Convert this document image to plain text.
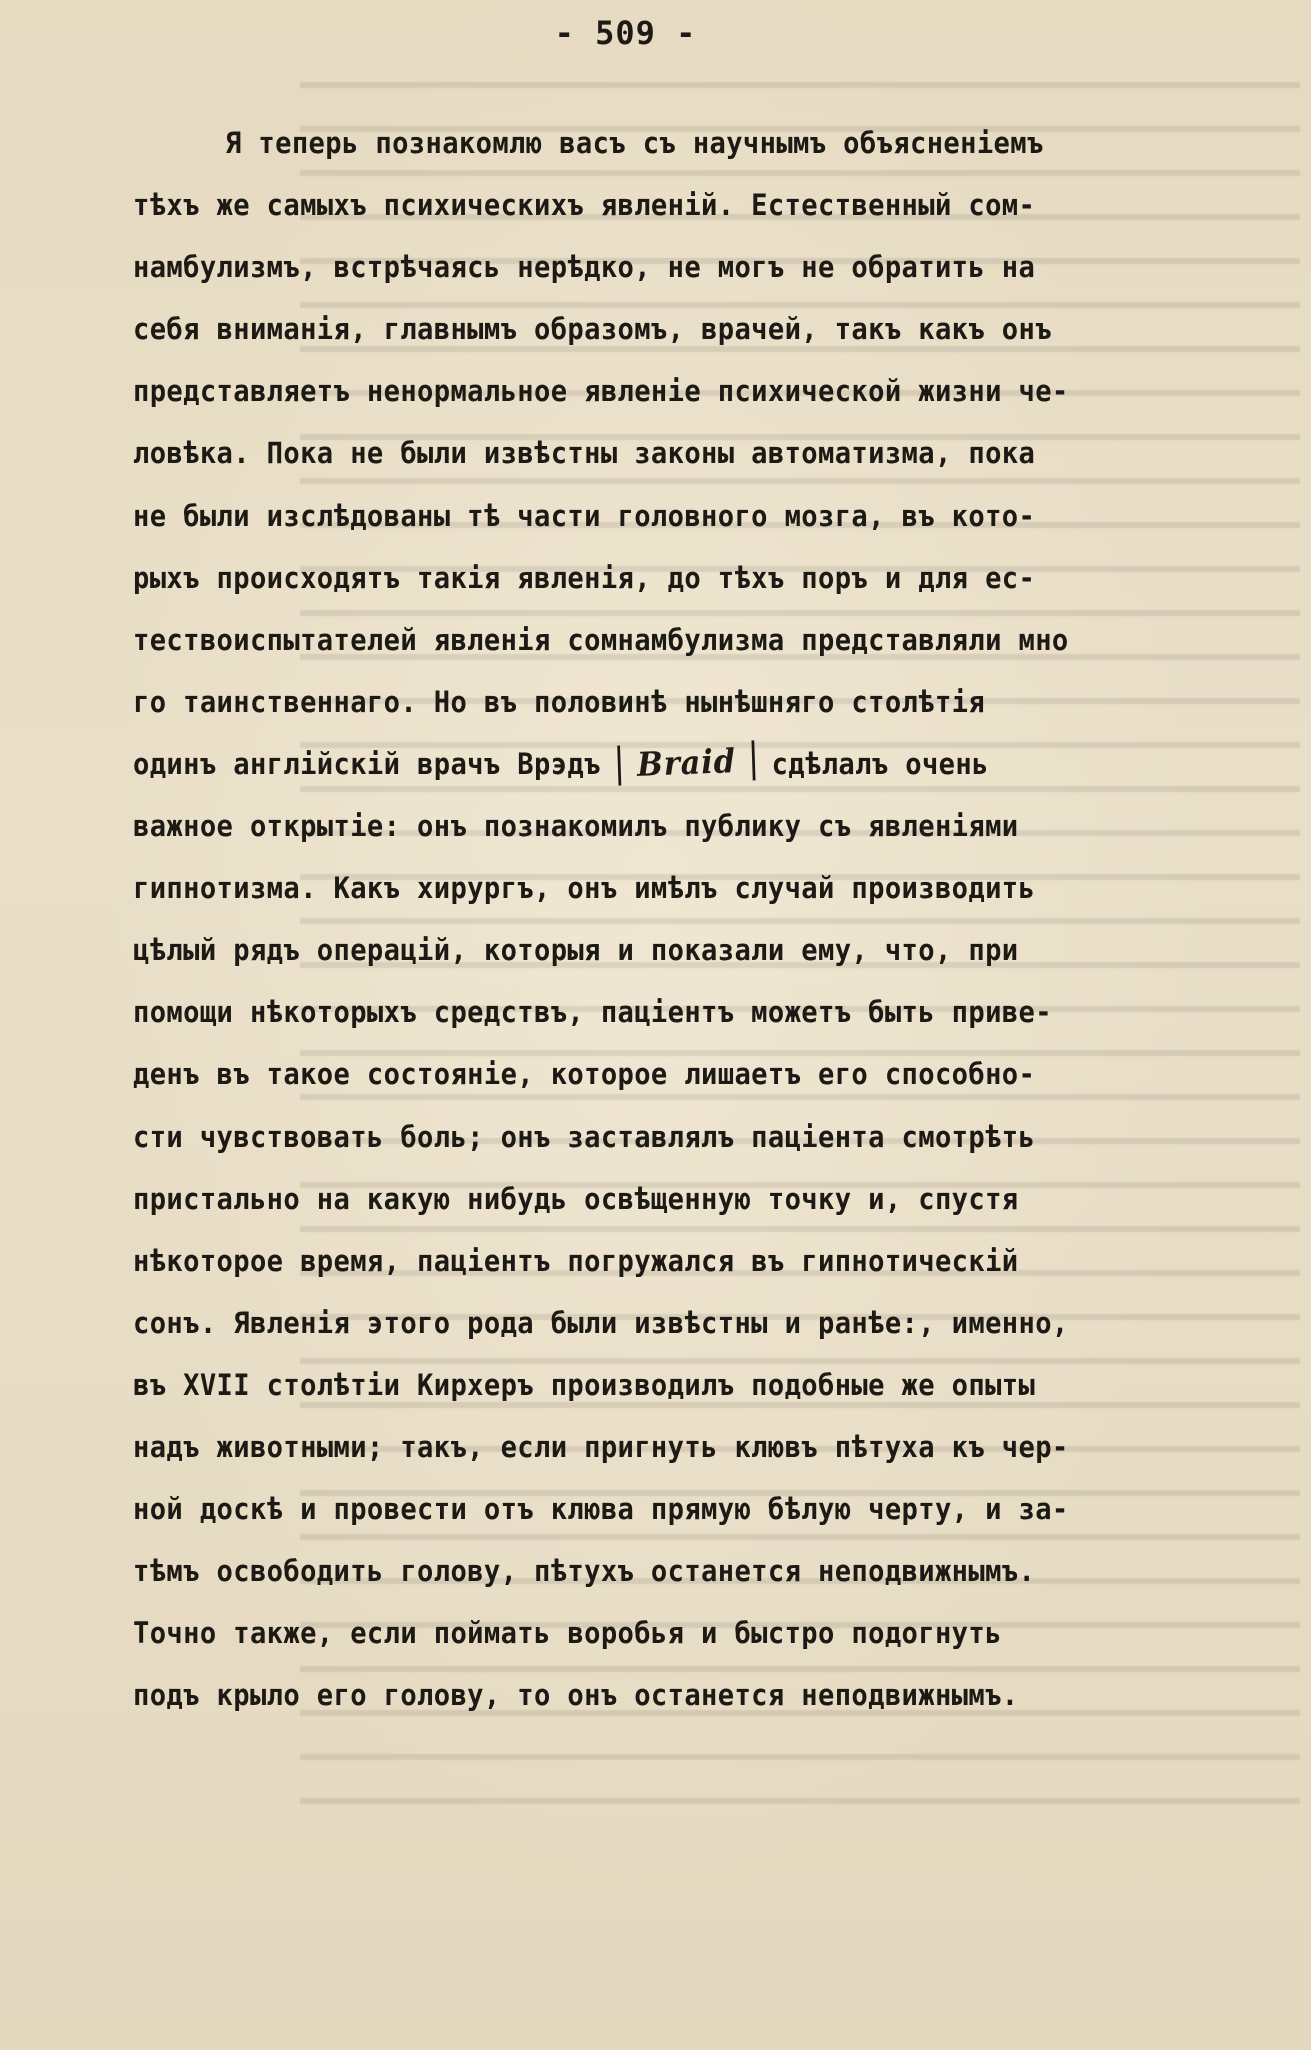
- 509 -
Я теперь познакомлю васъ съ научнымъ объясненіемъ
тѣхъ же самыхъ психическихъ явленій. Естественный сом-
намбулизмъ, встрѣчаясь нерѣдко, не могъ не обратить на
себя вниманія, главнымъ образомъ, врачей, такъ какъ онъ
представляетъ ненормальное явленіе психической жизни че-
ловѣка. Пока не были извѣстны законы автоматизма, пока
не были изслѣдованы тѣ части головного мозга, въ кото-
рыхъ происходятъ такія явленія, до тѣхъ поръ и для ес-
тествоиспытателей явленія сомнамбулизма представляли мно
го таинственнаго. Но въ половинѣ нынѣшняго столѣтія
одинъ англійскій врачъ Врэдъ Braid сдѣлалъ очень
важное открытіе: онъ познакомилъ публику съ явленіями
гипнотизма. Какъ хирургъ, онъ имѣлъ случай производить
цѣлый рядъ операцій, которыя и показали ему, что, при
помощи нѣкоторыхъ средствъ, паціентъ можетъ быть приве-
денъ въ такое состояніе, которое лишаетъ его способно-
сти чувствовать боль; онъ заставлялъ паціента смотрѣть
пристально на какую нибудь освѣщенную точку и, спустя
нѣкоторое время, паціентъ погружался въ гипнотическій
сонъ. Явленія этого рода были извѣстны и ранѣе:, именно,
въ XVII столѣтіи Кирхеръ производилъ подобные же опыты
надъ животными; такъ, если пригнуть клювъ пѣтуха къ чер-
ной доскѣ и провести отъ клюва прямую бѣлую черту, и за-
тѣмъ освободить голову, пѣтухъ останется неподвижнымъ.
Точно также, если поймать воробья и быстро подогнуть
подъ крыло его голову, то онъ останется неподвижнымъ.
